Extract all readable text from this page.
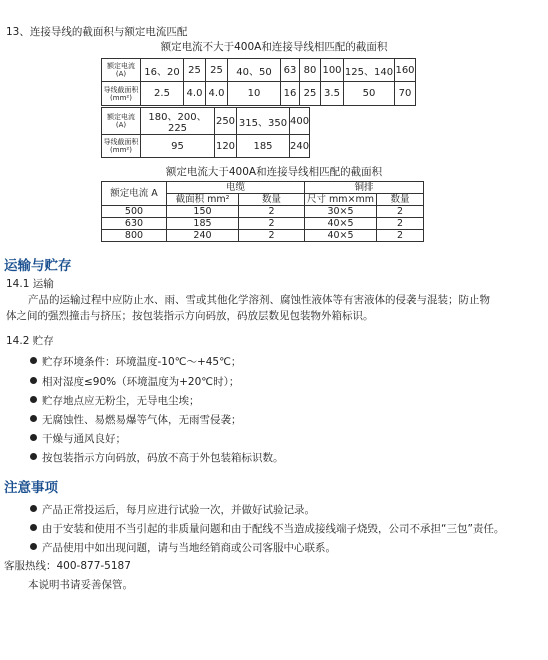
13、连接导线的截面积与额定电流匹配
额定电流不大于400A和连接导线相匹配的截面积
额定电流(A)	16、20	25	25	40、50	63	80	100	125、140	160
导线截面积(mm²)	2.5	4.0	4.0	10	16	25	3.5	50	70
额定电流(A)	180、200、225	250	315、350	400
导线截面积(mm²)	95	120	185	240
额定电流大于400A和连接导线相匹配的截面积
额定电流 A	电缆		铜排	
	截面积 mm²	数量	尺寸 mm×mm	数量
500	150	2	30×5	2
630	185	2	40×5	2
800	240	2	40×5	2
运输与贮存
14.1 运输
产品的运输过程中应防止水、雨、雪或其他化学溶剂、腐蚀性液体等有害液体的侵袭与混装；防止物
体之间的强烈撞击与挤压；按包装指示方向码放，码放层数见包装物外箱标识。
14.2 贮存
贮存环境条件：环境温度-10℃～+45℃；
相对湿度≤90%（环境温度为+20℃时）；
贮存地点应无粉尘，无导电尘埃；
无腐蚀性、易燃易爆等气体，无雨雪侵袭；
干燥与通风良好；
按包装指示方向码放，码放不高于外包装箱标识数。
注意事项
产品正常投运后，每月应进行试验一次，并做好试验记录。
由于安装和使用不当引起的非质量问题和由于配线不当造成接线端子烧毁，公司不承担“三包”责任。
产品使用中如出现问题，请与当地经销商或公司客服中心联系。
客服热线：400-877-5187
本说明书请妥善保管。
